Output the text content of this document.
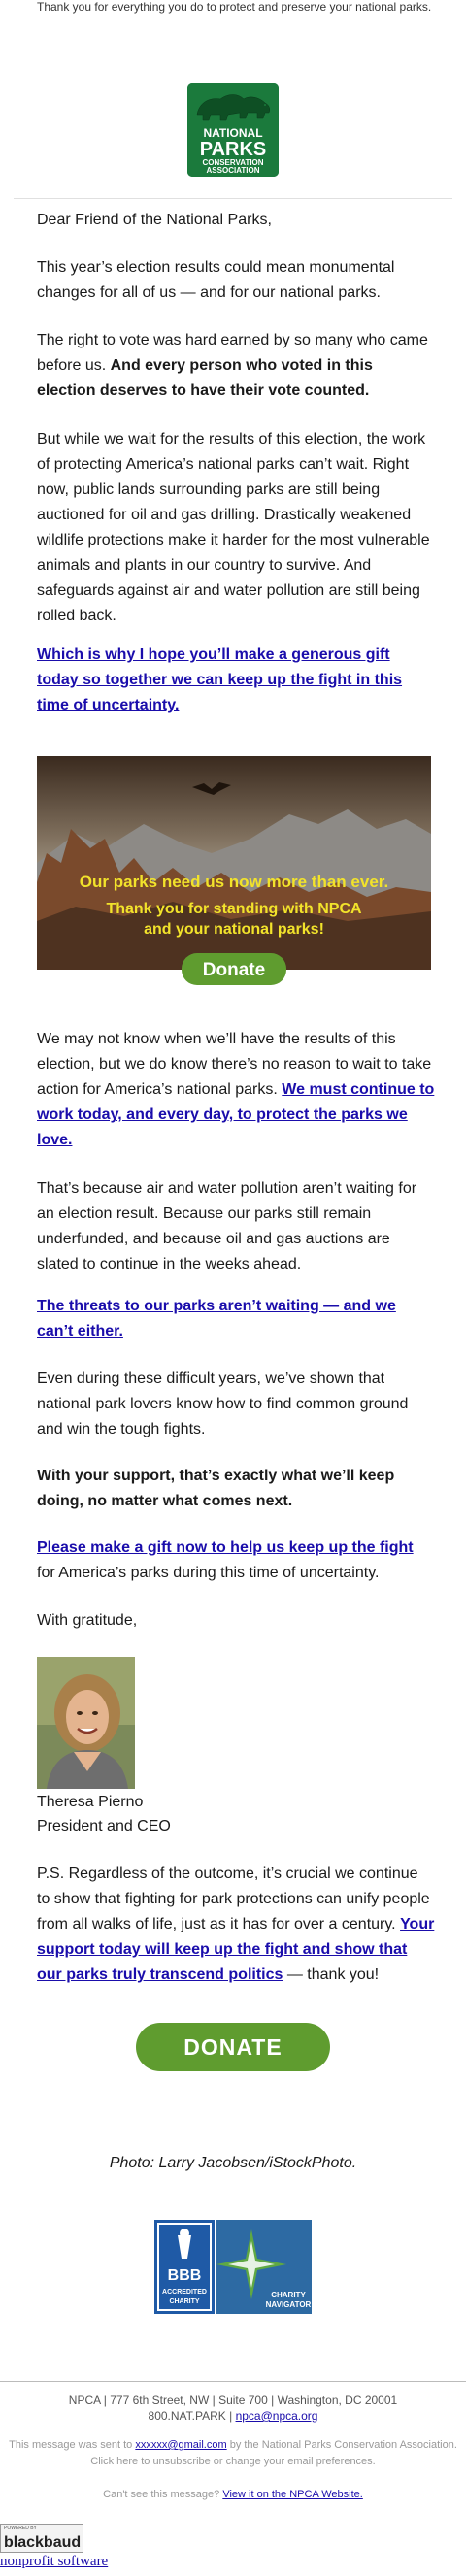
Thank you for everything you do to protect and preserve your national parks.
NATIONAL
PARKS
CONSERVATION
ASSOCIATION

Dear Friend of the National Parks,

This year’s election results could mean monumental changes for all of us — and for our national parks.

The right to vote was hard earned by so many who came before us. And every person who voted in this election deserves to have their vote counted.

But while we wait for the results of this election, the work of protecting America’s national parks can’t wait. Right now, public lands surrounding parks are still being auctioned for oil and gas drilling. Drastically weakened wildlife protections make it harder for the most vulnerable animals and plants in our country to survive. And safeguards against air and water pollution are still being rolled back.

Which is why I hope you’ll make a generous gift today so together we can keep up the fight in this time of uncertainty.

Our parks need us now more than ever.
Thank you for standing with NPCA
and your national parks!
Donate

We may not know when we’ll have the results of this election, but we do know there’s no reason to wait to take action for America’s national parks. We must continue to work today, and every day, to protect the parks we love.

That’s because air and water pollution aren’t waiting for an election result. Because our parks still remain underfunded, and because oil and gas auctions are slated to continue in the weeks ahead.

The threats to our parks aren’t waiting — and we can’t either.

Even during these difficult years, we’ve shown that national park lovers know how to find common ground and win the tough fights.

With your support, that’s exactly what we’ll keep doing, no matter what comes next.

Please make a gift now to help us keep up the fight for America’s parks during this time of uncertainty.

With gratitude,

Theresa Pierno

President and CEO

P.S. Regardless of the outcome, it’s crucial we continue to show that fighting for park protections can unify people from all walks of life, just as it has for over a century. Your support today will keep up the fight and show that our parks truly transcend politics — thank you!

DONATE
Photo: Larry Jacobsen/iStockPhoto.
BBB
ACCREDITED
CHARITY
CHARITY
NAVIGATOR
NPCA | 777 6th Street, NW | Suite 700 | Washington, DC 20001
800.NAT.PARK | npca@npca.org
This message was sent to xxxxxx@gmail.com by the National Parks Conservation Association.
Click here to unsubscribe or change your email preferences.
Can't see this message? View it on the NPCA Website.
POWERED BY
blackbaud
nonprofit software
